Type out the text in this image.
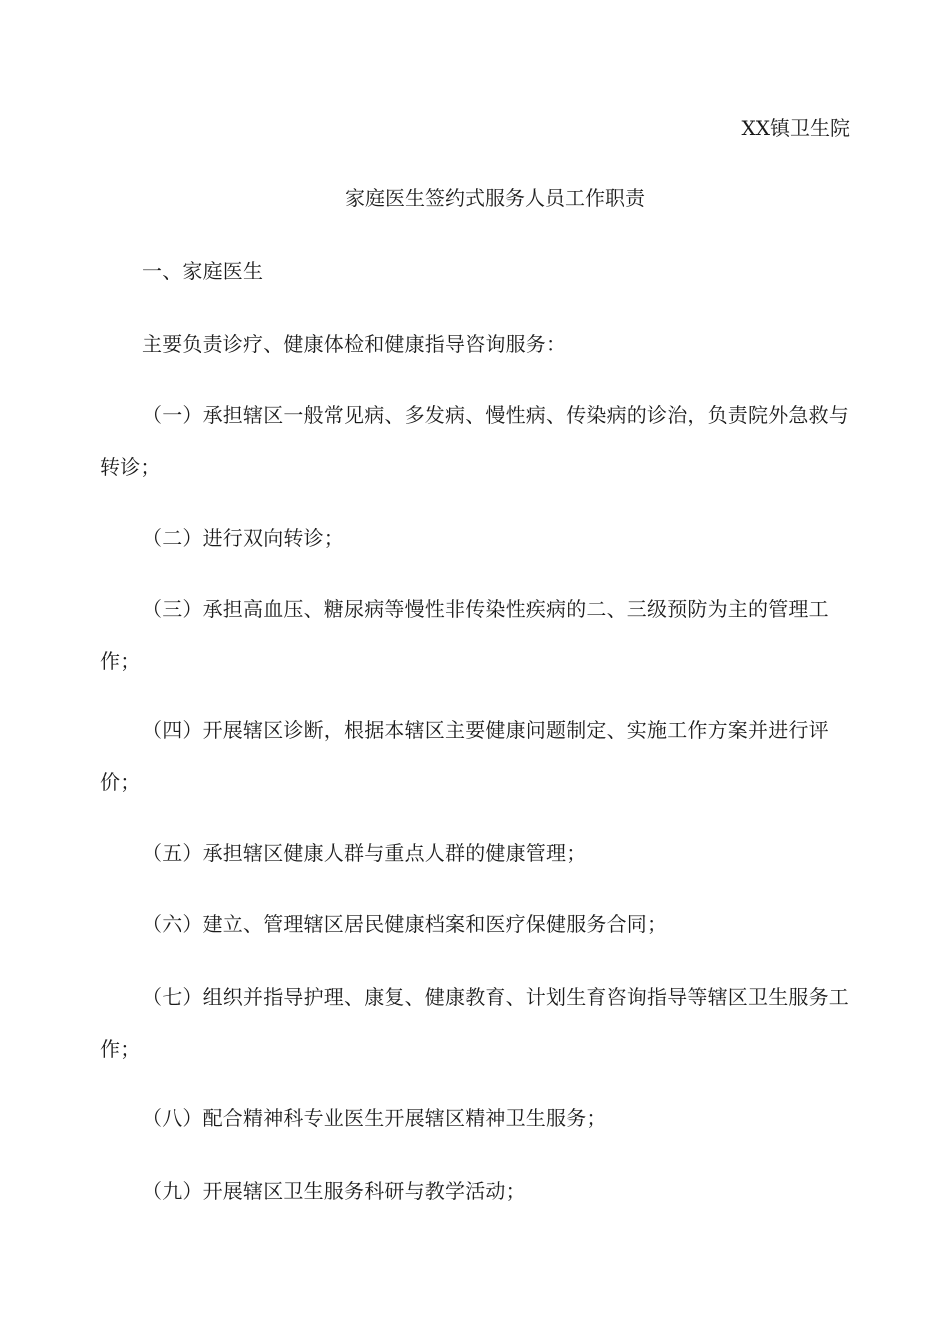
XX镇卫生院
家庭医生签约式服务人员工作职责
一、家庭医生
主要负责诊疗、健康体检和健康指导咨询服务：
（一）承担辖区一般常见病、多发病、慢性病、传染病的诊治，负责院外急救与转诊；
（二）进行双向转诊；
（三）承担高血压、糖尿病等慢性非传染性疾病的二、三级预防为主的管理工作；
（四）开展辖区诊断，根据本辖区主要健康问题制定、实施工作方案并进行评价；
（五）承担辖区健康人群与重点人群的健康管理；
（六）建立、管理辖区居民健康档案和医疗保健服务合同；
（七）组织并指导护理、康复、健康教育、计划生育咨询指导等辖区卫生服务工作；
（八）配合精神科专业医生开展辖区精神卫生服务；
（九）开展辖区卫生服务科研与教学活动；
